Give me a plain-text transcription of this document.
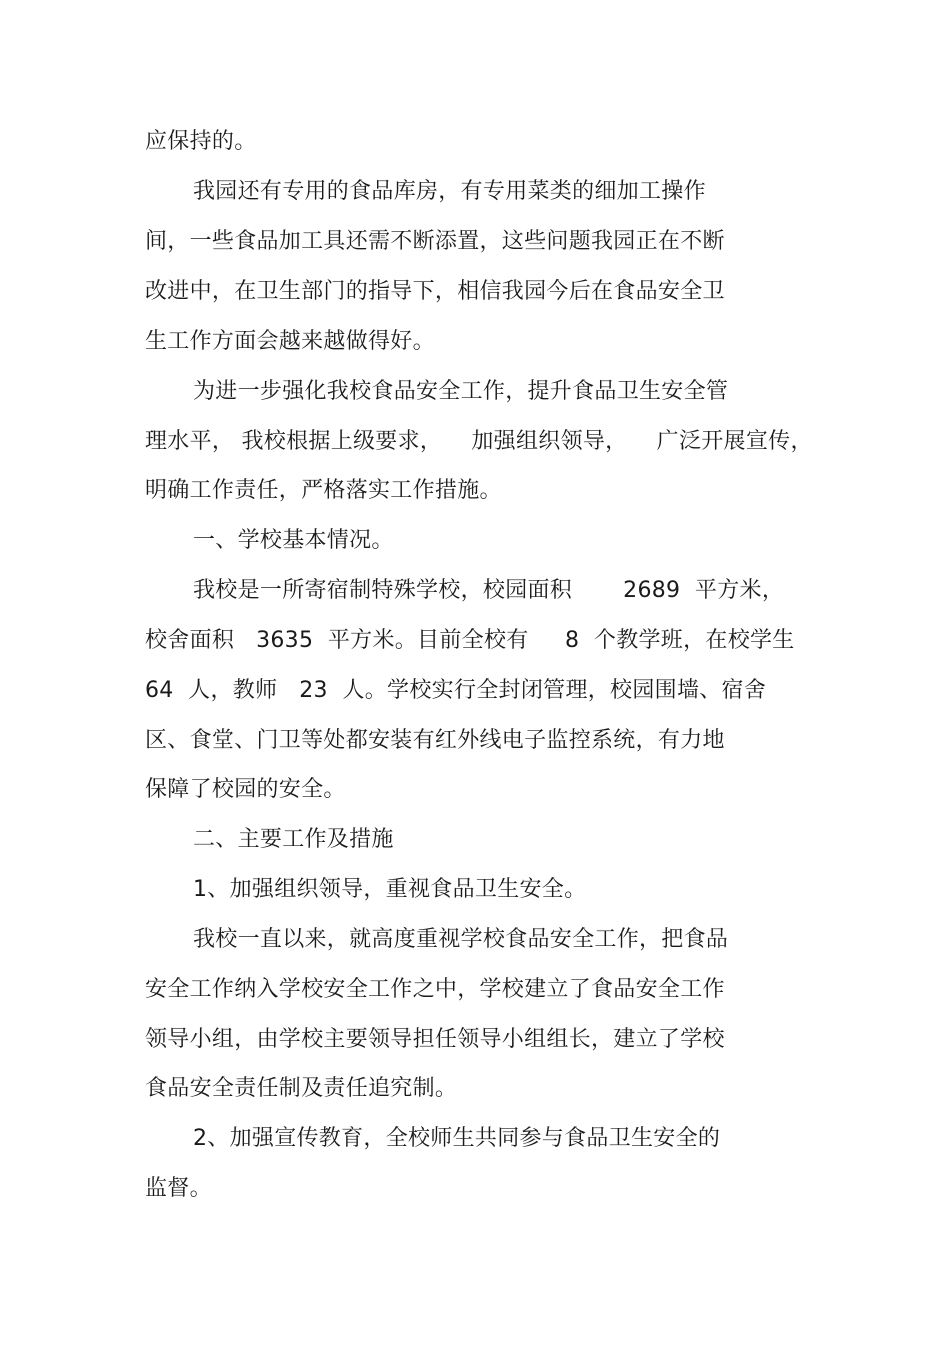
应保持的。
我园还有专用的食品库房，有专用菜类的细加工操作
间，一些食品加工具还需不断添置，这些问题我园正在不断
改进中，在卫生部门的指导下，相信我园今后在食品安全卫
生工作方面会越来越做得好。
为进一步强化我校食品安全工作，提升食品卫生安全管
理水平， 我校根据上级要求，    加强组织领导，    广泛开展宣传，
明确工作责任，严格落实工作措施。
一、学校基本情况。
我校是一所寄宿制特殊学校，校园面积       2689  平方米，
校舍面积   3635  平方米。目前全校有     8  个教学班，在校学生
64  人，教师   23  人。学校实行全封闭管理，校园围墙、宿舍
区、食堂、门卫等处都安装有红外线电子监控系统，有力地
保障了校园的安全。
二、主要工作及措施
1、加强组织领导，重视食品卫生安全。
我校一直以来，就高度重视学校食品安全工作，把食品
安全工作纳入学校安全工作之中，学校建立了食品安全工作
领导小组，由学校主要领导担任领导小组组长，建立了学校
食品安全责任制及责任追究制。
2、加强宣传教育，全校师生共同参与食品卫生安全的
监督。
